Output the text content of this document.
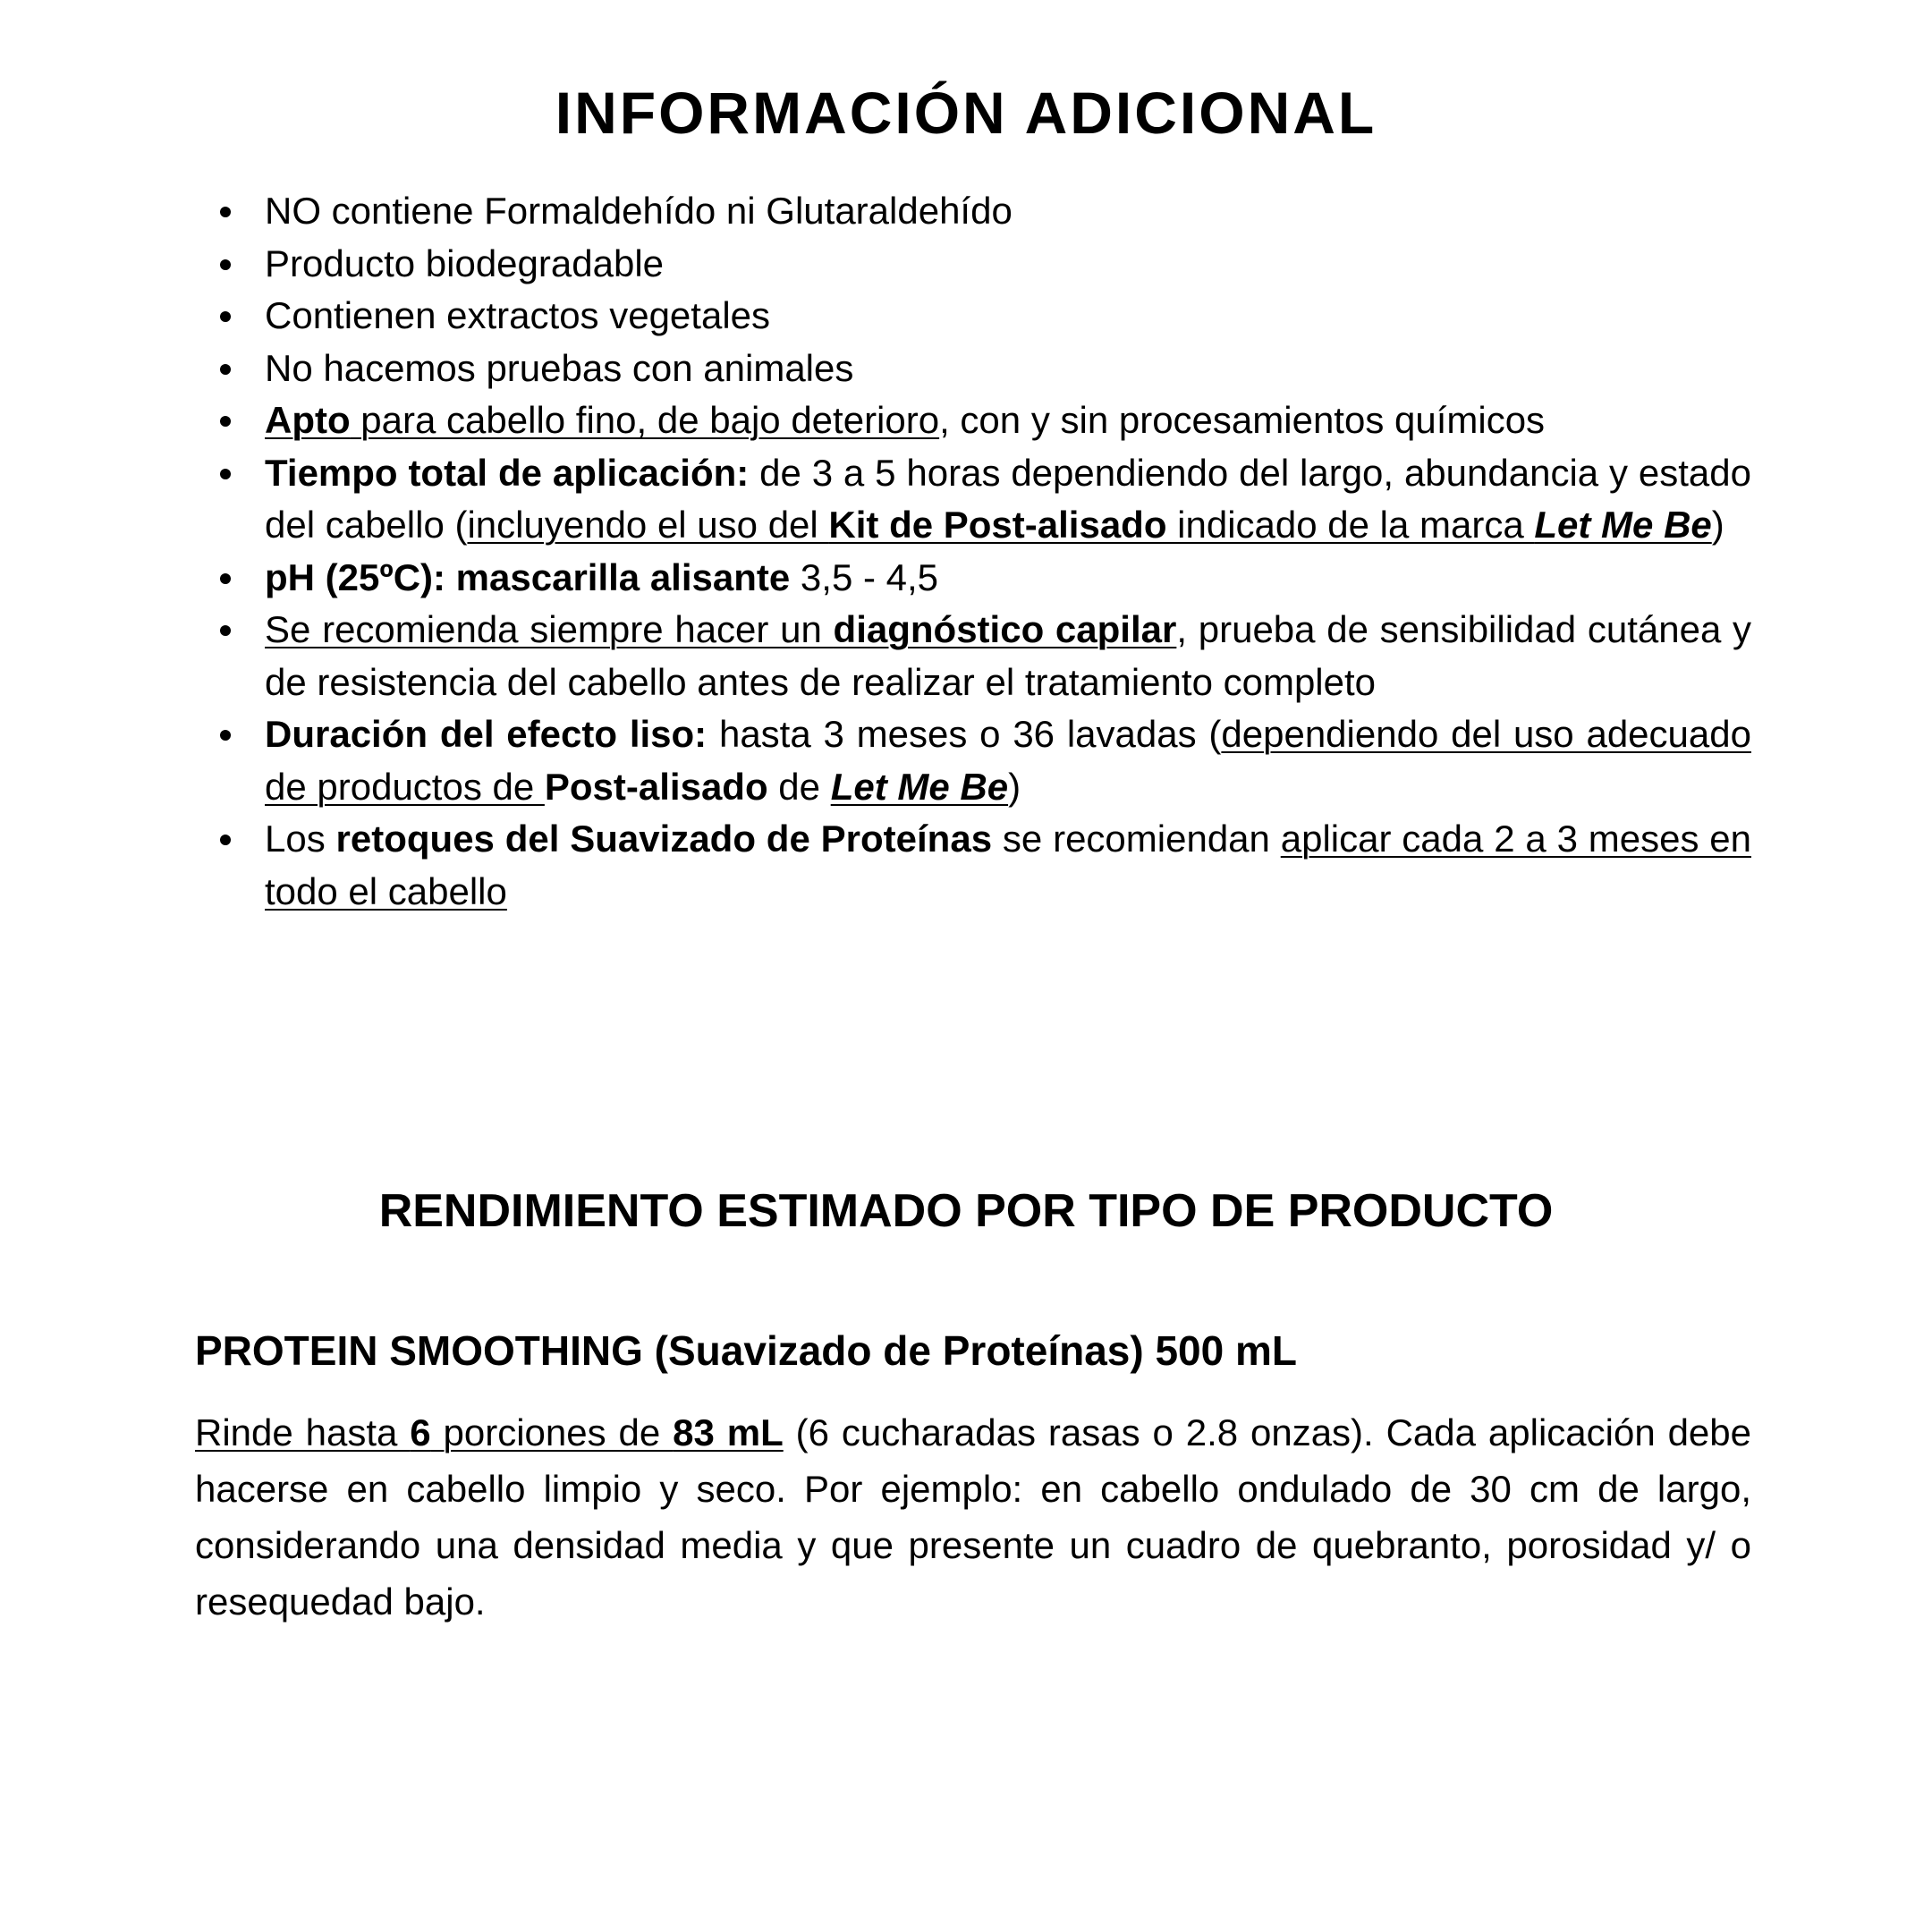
INFORMACIÓN ADICIONAL
NO contiene Formaldehído ni Glutaraldehído
Producto biodegradable
Contienen extractos vegetales
No hacemos pruebas con animales
Apto para cabello fino, de bajo deterioro, con y sin procesamientos químicos
Tiempo total de aplicación: de 3 a 5 horas dependiendo del largo, abundancia y estado del cabello (incluyendo el uso del Kit de Post-alisado indicado de la marca Let Me Be)
pH (25ºC): mascarilla alisante 3,5 - 4,5
Se recomienda siempre hacer un diagnóstico capilar, prueba de sensibilidad cutánea y de resistencia del cabello antes de realizar el tratamiento completo
Duración del efecto liso: hasta 3 meses o 36 lavadas (dependiendo del uso adecuado de productos de Post-alisado de Let Me Be)
Los retoques del Suavizado de Proteínas se recomiendan aplicar cada 2 a 3 meses en todo el cabello
RENDIMIENTO ESTIMADO POR TIPO DE PRODUCTO
PROTEIN SMOOTHING (Suavizado de Proteínas) 500 mL

Rinde hasta 6 porciones de 83 mL (6 cucharadas rasas o 2.8 onzas). Cada aplicación debe hacerse en cabello limpio y seco. Por ejemplo: en cabello ondulado de 30 cm de largo, considerando una densidad media y que presente un cuadro de quebranto, porosidad y/ o resequedad bajo.
